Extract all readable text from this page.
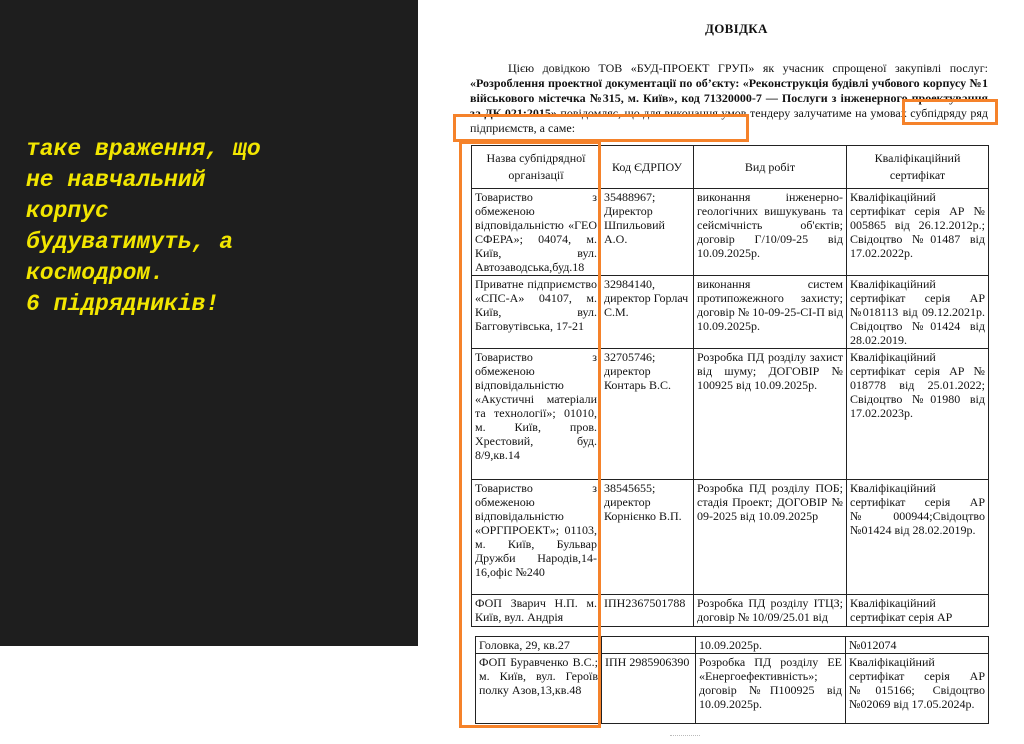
таке враження, що
не навчальний
корпус
будуватимуть, а
космодром.
6 підрядників!

ДОВІДКА

Цією довідкою ТОВ «БУД-ПРОЕКТ ГРУП» як учасник спрощеної закупівлі послуг: «Розроблення проектної документації по об’єкту: «Реконструкція будівлі учбового корпусу №1 військового містечка №315, м. Київ», код 71320000-7 — Послуги з інженерного проектування за ДК 021:2015» повідомляє, що для виконання умов тендеру залучатиме на умовах субпідряду ряд підприємств, а саме:

Назва субпідрядної організації	Код ЄДРПОУ	Вид робіт	Кваліфікаційний сертифікат
Товариство з обмеженою відповідальністю «ГЕО СФЕРА»; 04074, м. Київ, вул. Автозаводська,буд.18	35488967; Директор Шпильовий А.О.	виконання інженерно-геологічних вишукувань та сейсмічність об'єктів; договір Г/10/09-25 від 10.09.2025р.	Кваліфікаційний сертифікат серія АР № 005865 від 26.12.2012р.; Свідоцтво №01487 від 17.02.2022р.
Приватне підприємство «СПС-А» 04107, м. Київ, вул. Багговутівська, 17-21	32984140, директор Горлач С.М.	виконання систем протипожежного захисту; договір № 10-09-25-СІ-П від 10.09.2025р.	Кваліфікаційний сертифікат серія АР №018113 від 09.12.2021р. Свідоцтво №01424 від 28.02.2019.
Товариство з обмеженою відповідальністю «Акустичні матеріали та технології»; 01010, м. Київ, пров. Хрестовий, буд. 8/9,кв.14	32705746; директор Контарь В.С.	Розробка ПД розділу захист від шуму; ДОГОВІР № 100925 від 10.09.2025р.	Кваліфікаційний сертифікат серія АР № 018778 від 25.01.2022; Свідоцтво №01980 від 17.02.2023р.
Товариство з обмеженою відповідальністю «ОРГПРОЕКТ»; 01103, м. Київ, Бульвар Дружби Народів,14-16,офіс №240	38545655; директор Корнієнко В.П.	Розробка ПД розділу ПОБ; стадія Проект; ДОГОВІР № 09-2025 від 10.09.2025р	Кваліфікаційний сертифікат серія АР №000944;Свідоцтво №01424 від 28.02.2019р.
ФОП Зварич Н.П. м. Київ, вул. Андрія	ІПН2367501788	Розробка ПД розділу ІТЦЗ; договір № 10/09/25.01 від	Кваліфікаційний сертифікат серія АР
Головка, 29, кв.27		10.09.2025р.	№012074
ФОП Буравченко В.С.; м. Київ, вул. Героїв полку Азов,13,кв.48	ІПН 2985906390	Розробка ПД розділу ЕЕ «Енергоефективність»; договір №П100925 від 10.09.2025р.	Кваліфікаційний сертифікат серія АР №015166; Свідоцтво №02069 від 17.05.2024р.
